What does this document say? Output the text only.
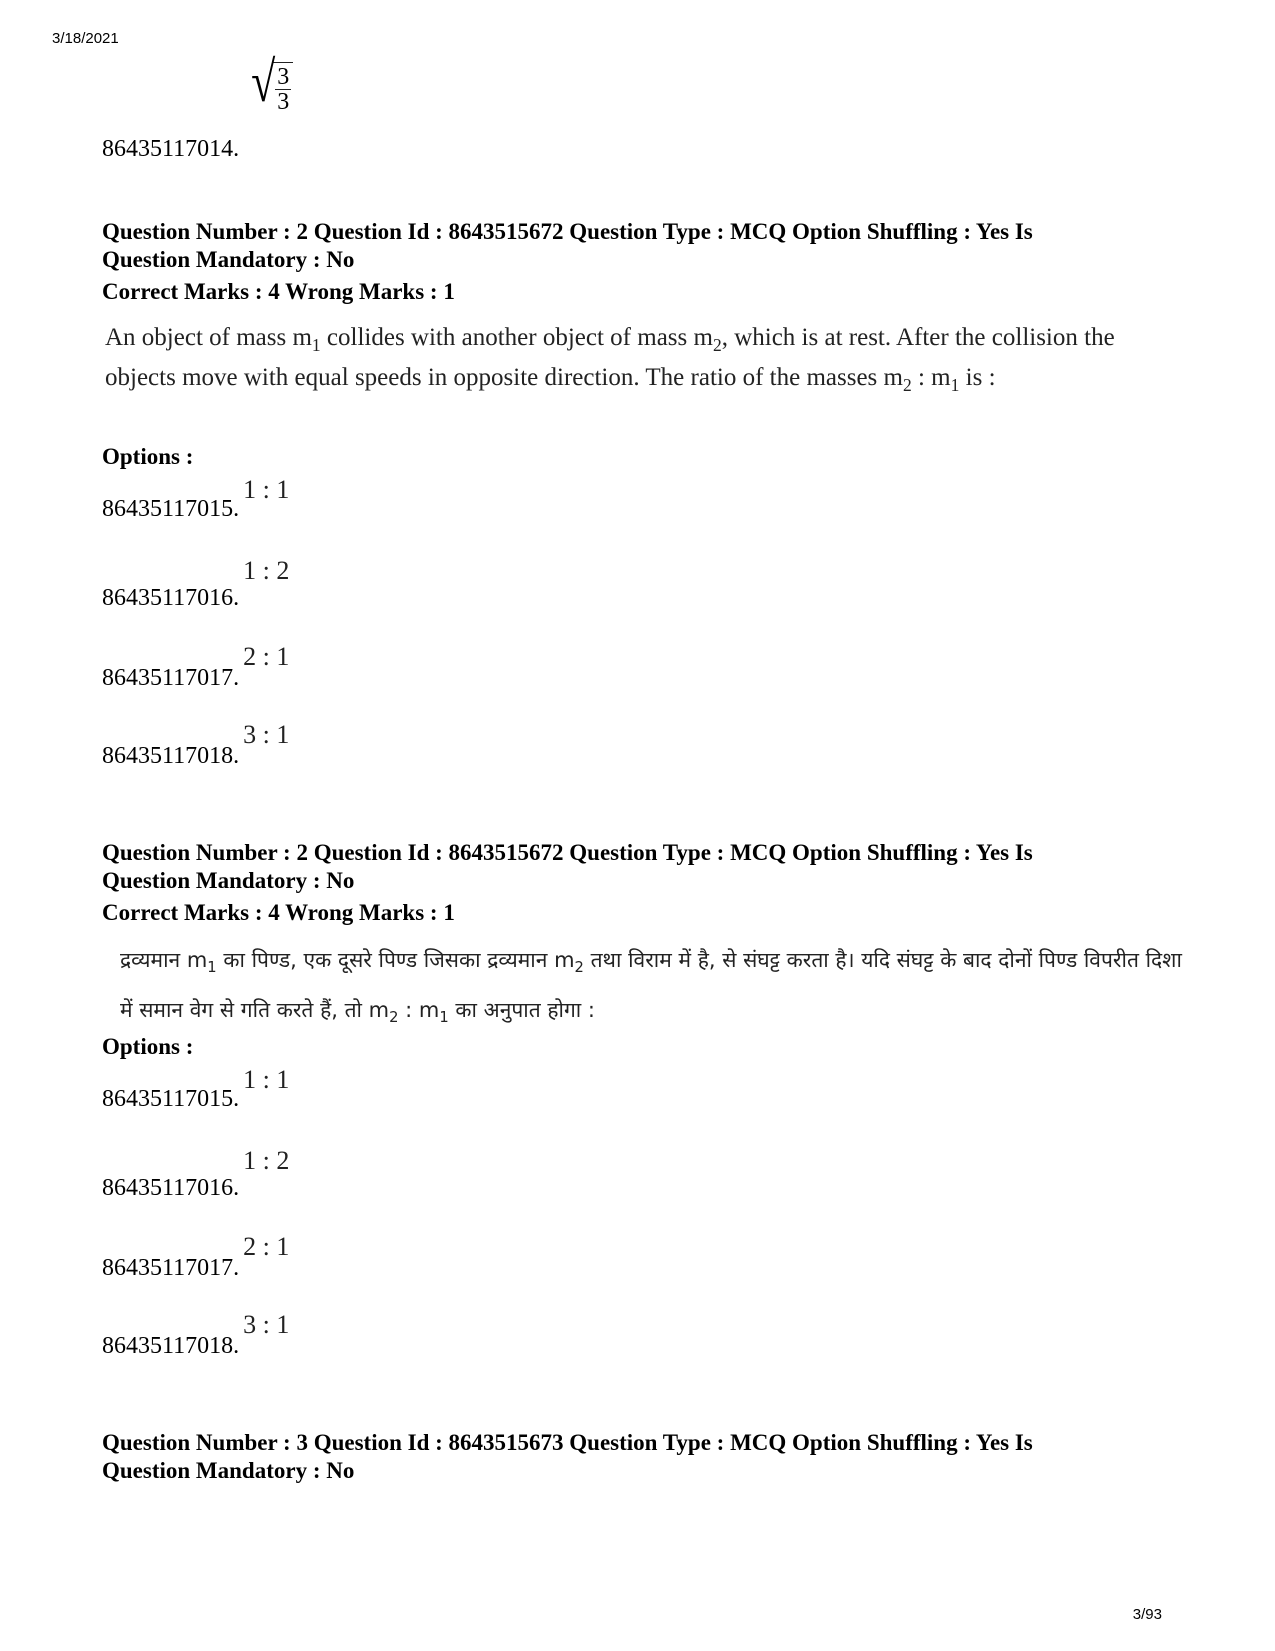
3/18/2021
86435117014.
√ $\frac{3}{3}$
Question Number : 2 Question Id : 8643515672 Question Type : MCQ Option Shuffling : Yes Is
Question Mandatory : No
Correct Marks : 4 Wrong Marks : 1
An object of mass $m_1$ collides with another object of mass $m_2$, which is at rest. After the collision the objects move with equal speeds in opposite direction. The ratio of the masses $m_2$ : $m_1$ is :
Options :
86435117015. 1 : 1
86435117016. 1 : 2
86435117017. 2 : 1
86435117018. 3 : 1
Question Number : 2 Question Id : 8643515672 Question Type : MCQ Option Shuffling : Yes Is
Question Mandatory : No
Correct Marks : 4 Wrong Marks : 1
द्रव्यमान $m_1$ का पिण्ड, एक दूसरे पिण्ड जिसका द्रव्यमान $m_2$ तथा विराम में है, से संघट्ट करता है। यदि संघट्ट के बाद दोनों पिण्ड विपरीत दिशा में समान वेग से गति करते हैं, तो $m_2$ : $m_1$ का अनुपात होगा :
Options :
86435117015. 1 : 1
86435117016. 1 : 2
86435117017. 2 : 1
86435117018. 3 : 1
Question Number : 3 Question Id : 8643515673 Question Type : MCQ Option Shuffling : Yes Is
Question Mandatory : No
3/93
